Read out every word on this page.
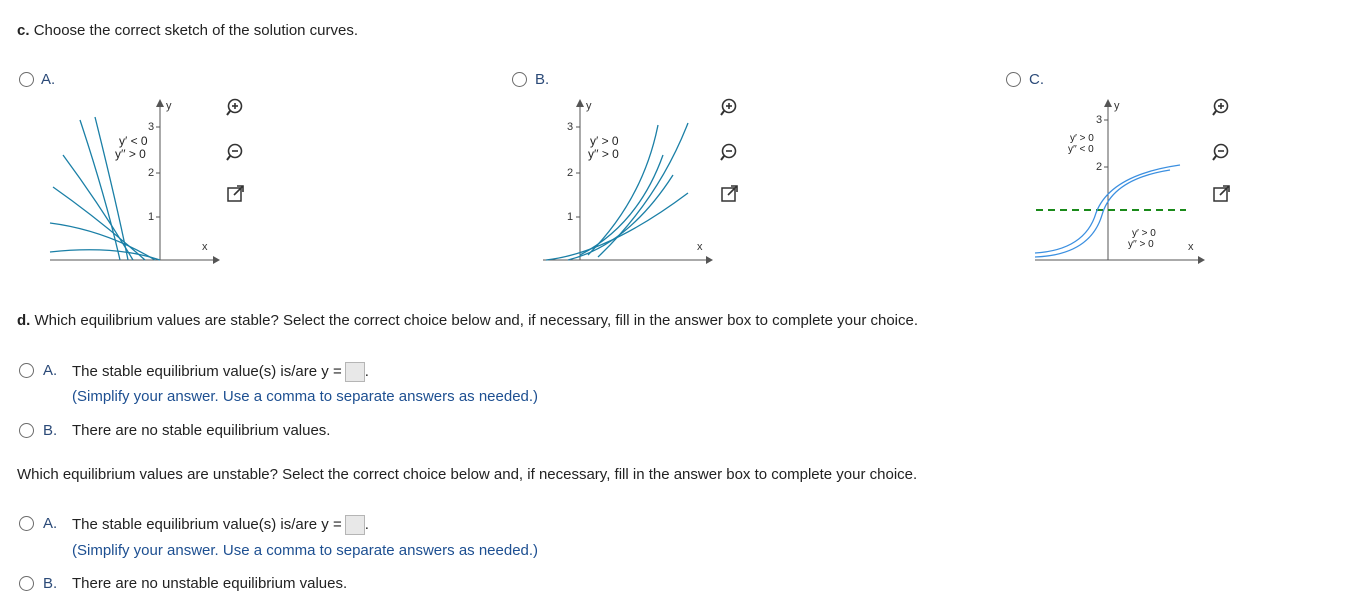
c. Choose the correct sketch of the solution curves.
A.
y
x
3
2
1
y′ < 0
y′′ > 0
B.
y
x
3
2
1
y′ > 0
y′′ > 0
C.
y
x
3
2
y′ > 0
y′′ < 0
y′ > 0
y′′ > 0
d. Which equilibrium values are stable? Select the correct choice below and, if necessary, fill in the answer box to complete your choice.
A. The stable equilibrium value(s) is/are y = .
(Simplify your answer. Use a comma to separate answers as needed.)
B. There are no stable equilibrium values.
Which equilibrium values are unstable? Select the correct choice below and, if necessary, fill in the answer box to complete your choice.
A. The stable equilibrium value(s) is/are y = .
(Simplify your answer. Use a comma to separate answers as needed.)
B. There are no unstable equilibrium values.
